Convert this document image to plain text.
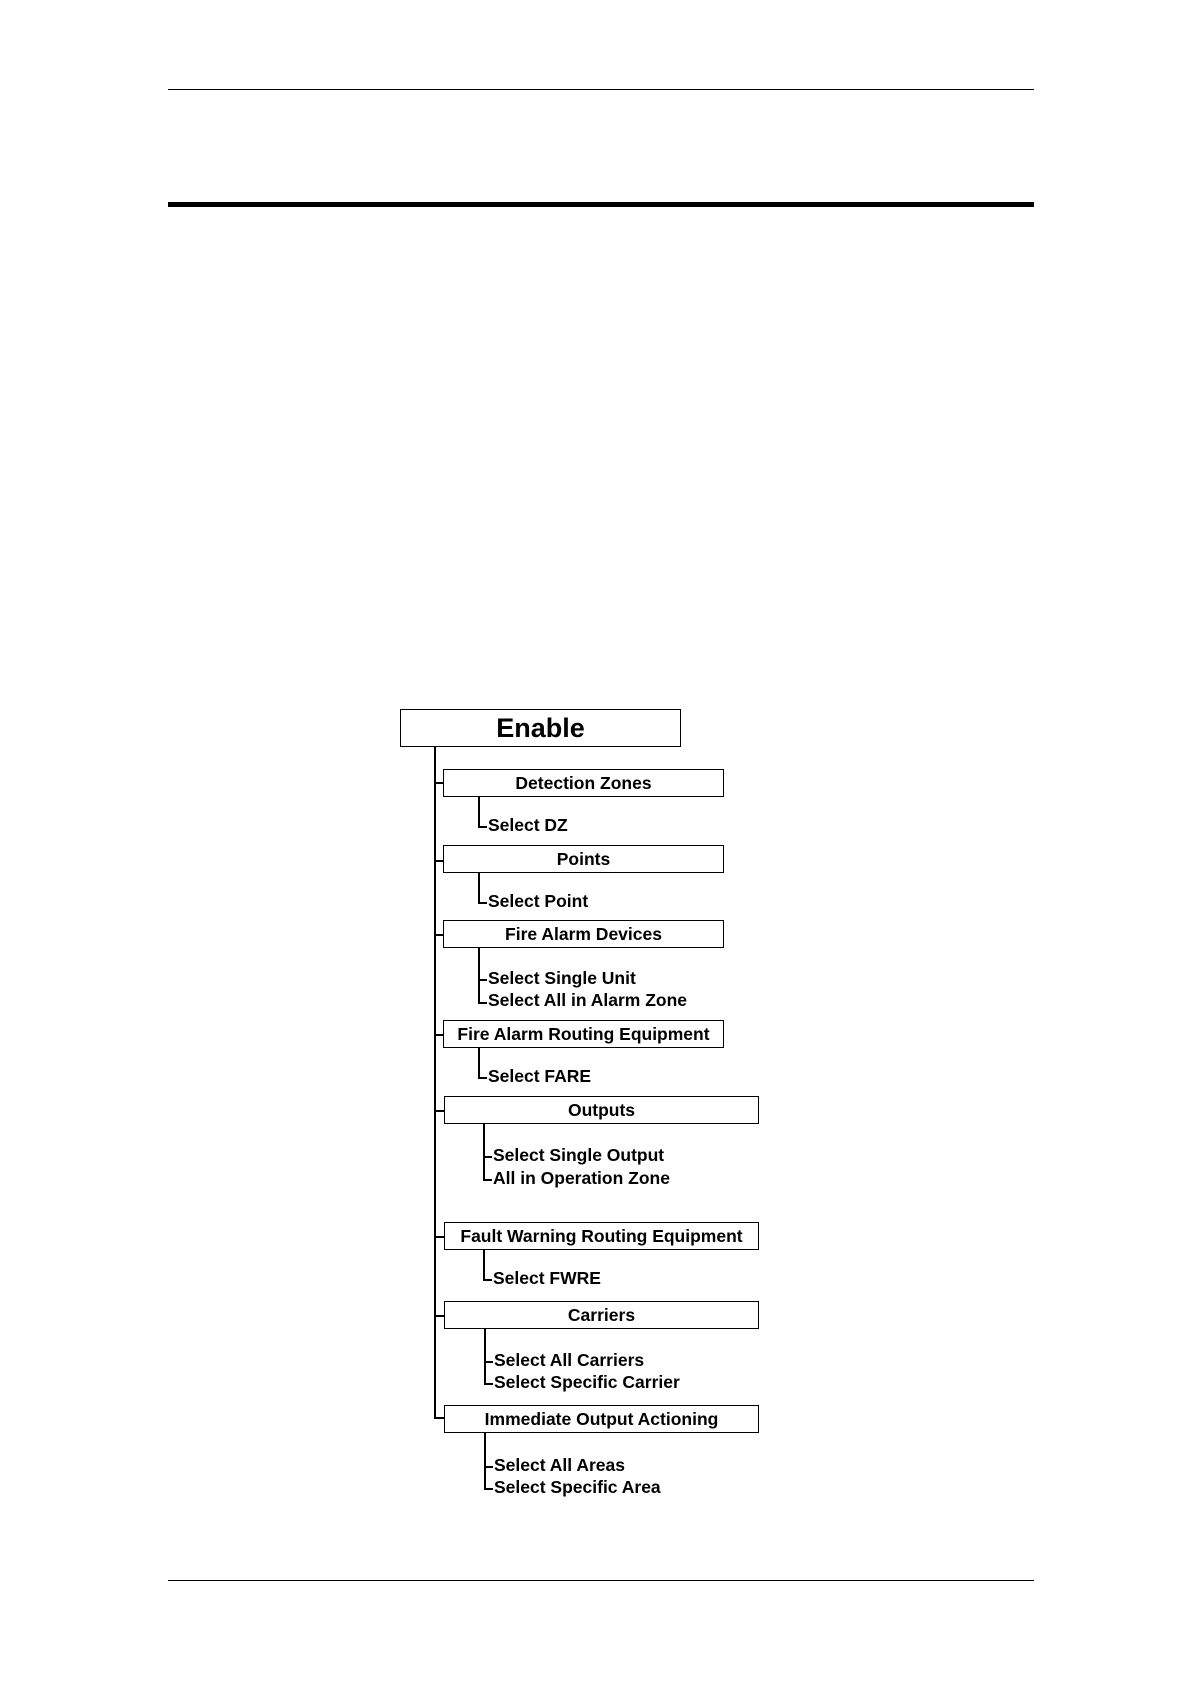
Enable
Detection Zones
Select DZ
Points
Select Point
Fire Alarm Devices
Select Single Unit
Select All in Alarm Zone
Fire Alarm Routing Equipment
Select FARE
Outputs
Select Single Output
All in Operation Zone
Fault Warning Routing Equipment
Select FWRE
Carriers
Select All Carriers
Select Specific Carrier
Immediate Output Actioning
Select All Areas
Select Specific Area
